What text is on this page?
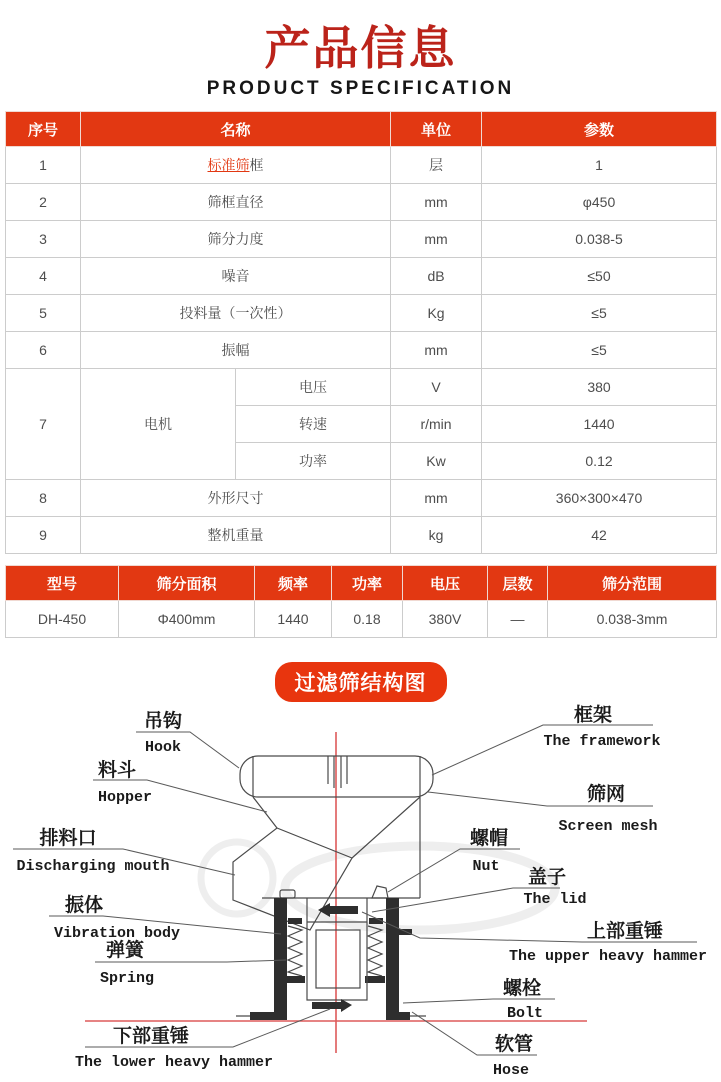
产品信息
PRODUCT SPECIFICATION
序号	名称		单位	参数
1	标准筛框		层	1
2	筛框直径		mm	φ450
3	筛分力度		mm	0.038-5
4	噪音		dB	≤50
5	投料量（一次性）		Kg	≤5
6	振幅		mm	≤5
7	电机	电压	V	380
		转速	r/min	1440
		功率	Kw	0.12
8	外形尺寸		mm	360×300×470
9	整机重量		kg	42
型号	筛分面积	频率	功率	电压	层数	筛分范围
DH-450	Φ400mm	1440	0.18	380V	—	0.038-3mm
过滤筛结构图
吊钩
Hook
料斗
Hopper
排料口
Discharging mouth
振体
Vibration body
弹簧
Spring
下部重锤
The lower heavy hammer
框架
The framework
筛网
Screen mesh
螺帽
Nut 盖子
The lid
上部重锤
The upper heavy hammer
螺栓
Bolt
软管
Hose
